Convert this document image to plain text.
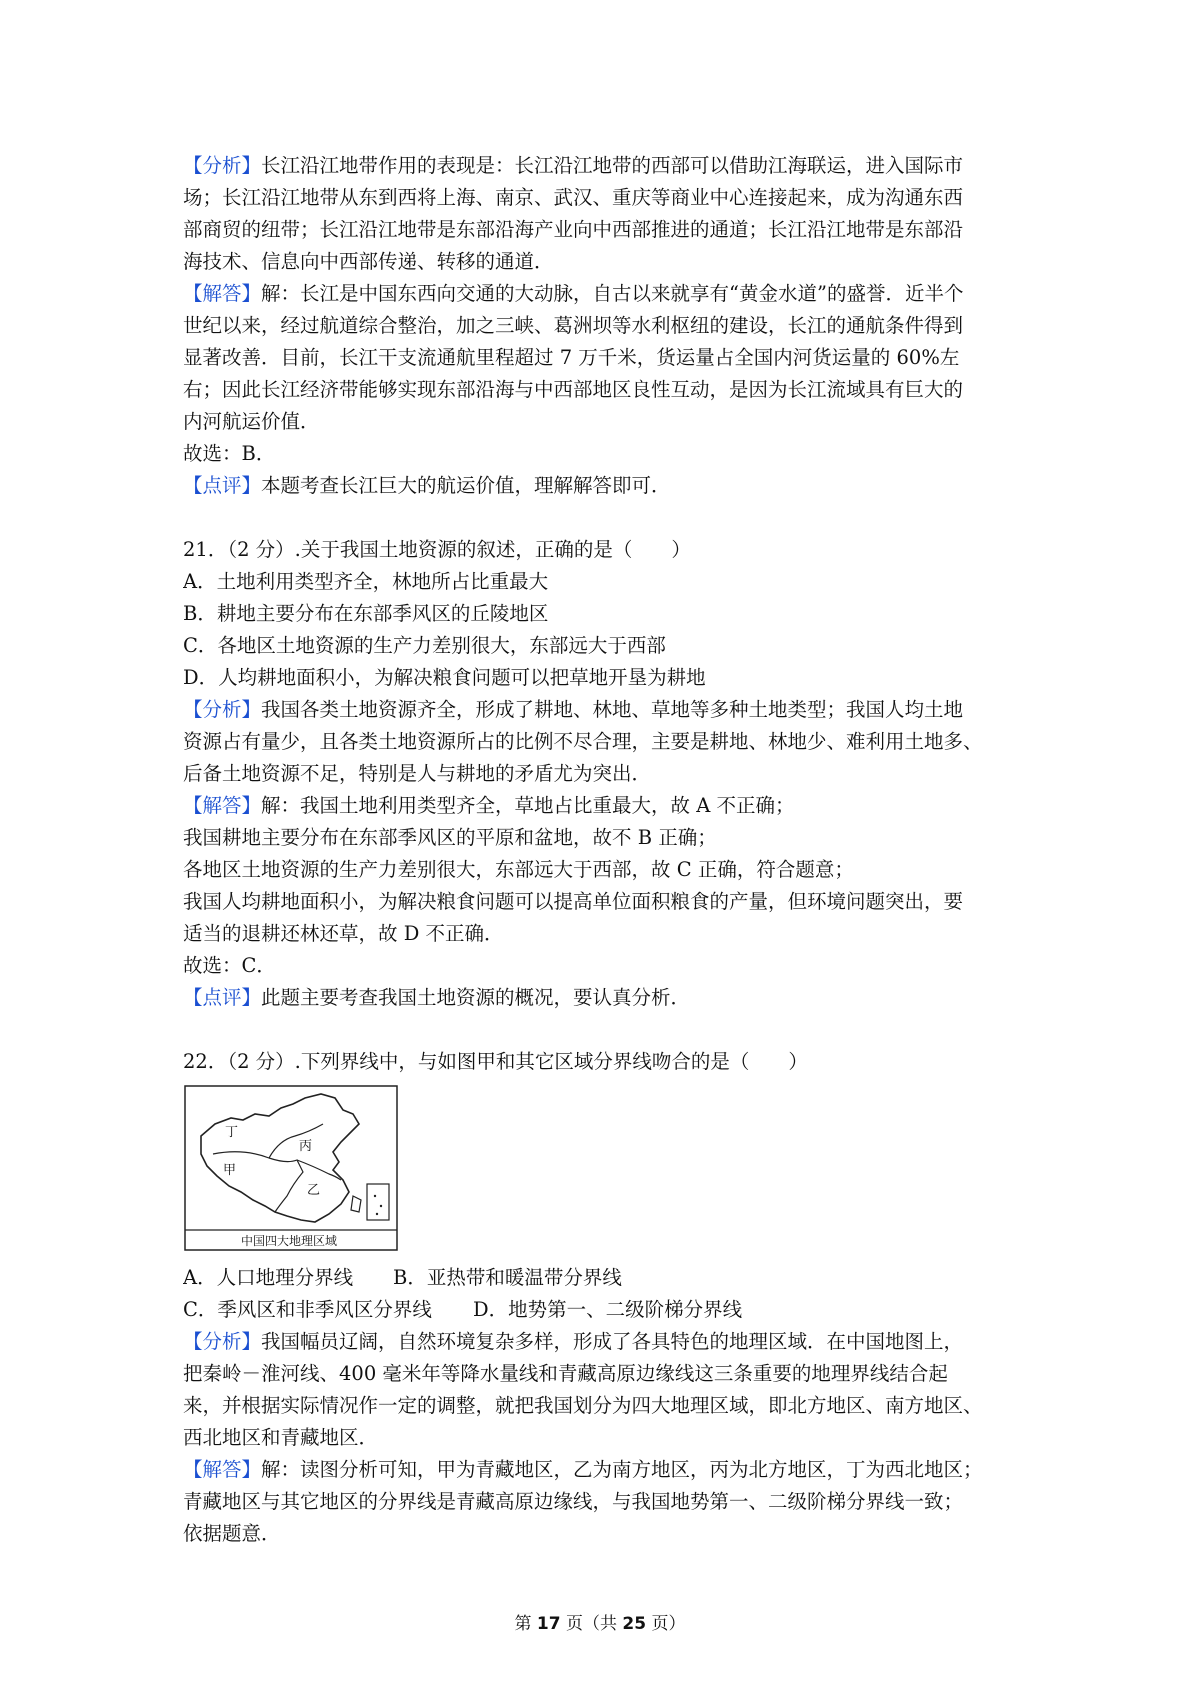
【分析】长江沿江地带作用的表现是：长江沿江地带的西部可以借助江海联运，进入国际市
场；长江沿江地带从东到西将上海、南京、武汉、重庆等商业中心连接起来，成为沟通东西
部商贸的纽带；长江沿江地带是东部沿海产业向中西部推进的通道；长江沿江地带是东部沿
海技术、信息向中西部传递、转移的通道．
【解答】解：长江是中国东西向交通的大动脉，自古以来就享有“黄金水道”的盛誉．近半个
世纪以来，经过航道综合整治，加之三峡、葛洲坝等水利枢纽的建设，长江的通航条件得到
显著改善．目前，长江干支流通航里程超过 7 万千米，货运量占全国内河货运量的 60%左
右；因此长江经济带能够实现东部沿海与中西部地区良性互动，是因为长江流域具有巨大的
内河航运价值．
故选：B．
【点评】本题考查长江巨大的航运价值，理解解答即可．
21．（2 分）.关于我国土地资源的叙述，正确的是（　　）
A．土地利用类型齐全，林地所占比重最大
B．耕地主要分布在东部季风区的丘陵地区
C．各地区土地资源的生产力差别很大，东部远大于西部
D．人均耕地面积小，为解决粮食问题可以把草地开垦为耕地
【分析】我国各类土地资源齐全，形成了耕地、林地、草地等多种土地类型；我国人均土地
资源占有量少，且各类土地资源所占的比例不尽合理，主要是耕地、林地少、难利用土地多、
后备土地资源不足，特别是人与耕地的矛盾尤为突出．
【解答】解：我国土地利用类型齐全，草地占比重最大，故 A 不正确；
我国耕地主要分布在东部季风区的平原和盆地，故不 B 正确；
各地区土地资源的生产力差别很大，东部远大于西部，故 C 正确，符合题意；
我国人均耕地面积小，为解决粮食问题可以提高单位面积粮食的产量，但环境问题突出，要
适当的退耕还林还草，故 D 不正确．
故选：C．
【点评】此题主要考查我国土地资源的概况，要认真分析．
22．（2 分）.下列界线中，与如图甲和其它区域分界线吻合的是（　　）
丁
甲
丙
乙
中国四大地理区域
A．人口地理分界线 B．亚热带和暖温带分界线
C．季风区和非季风区分界线 D．地势第一、二级阶梯分界线
【分析】我国幅员辽阔，自然环境复杂多样，形成了各具特色的地理区域．在中国地图上，
把秦岭－淮河线、400 毫米年等降水量线和青藏高原边缘线这三条重要的地理界线结合起
来，并根据实际情况作一定的调整，就把我国划分为四大地理区域，即北方地区、南方地区、
西北地区和青藏地区．
【解答】解：读图分析可知，甲为青藏地区，乙为南方地区，丙为北方地区，丁为西北地区；
青藏地区与其它地区的分界线是青藏高原边缘线，与我国地势第一、二级阶梯分界线一致；
依据题意．
第 17 页（共 25 页）
